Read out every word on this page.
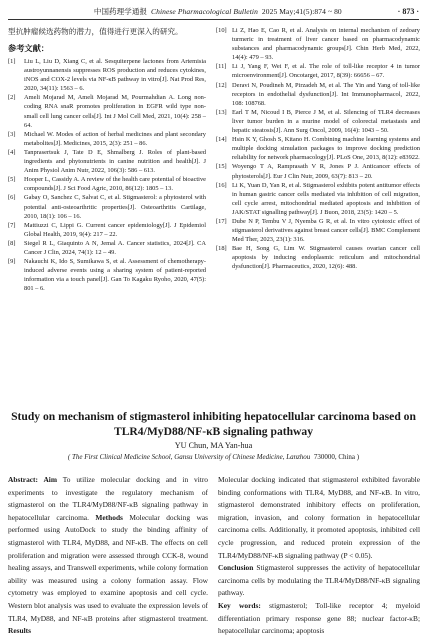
中国药理学通报 Chinese Pharmacological Bulletin 2025 May;41(5):874 ~ 80	· 873 ·
型抗肿瘤候选药物的潜力，值得进行更深入的研究。
参考文献：
[1]	Liu L, Liu D, Xiang C, et al. Sesquiterpene lactones from Artemisia austroyunnanensis suppresses ROS production and reduces cytokines, iNOS and COX-2 levels via NF-κB pathway in vitro[J]. Nat Prod Res, 2020, 34(11): 1563 – 6.
[2]	Ameli Mojarad M, Ameli Mojarad M, Pourmahdian A. Long non-coding RNA snaR promotes proliferation in EGFR wild type non-small cell lung cancer cells[J]. Int J Mol Cell Med, 2021, 10(4): 258 – 64.
[3]	Michael W. Modes of action of herbal medicines and plant secondary metabolites[J]. Medicines, 2015, 2(3): 251 – 86.
[4]	Tanprasertsuk J, Tate D E, Shmalberg J. Roles of plant-based ingredients and phytonutrients in canine nutrition and health[J]. J Anim Physiol Anim Nutr, 2022, 106(3): 586 – 613.
[5]	Hooper L, Cassidy A. A review of the health care potential of bioactive compounds[J]. J Sci Food Agric, 2010, 86(12): 1805 – 13.
[6]	Gabay O, Sanchez C, Salvat C, et al. Stigmasterol: a phytosterol with potential anti-osteoarthritic properties[J]. Osteoarthritis Cartilage, 2010, 18(1): 106 – 16.
[7]	Mattiuzzi C, Lippi G. Current cancer epidemiology[J]. J Epidemiol Global Health, 2019, 9(4): 217 – 22.
[8]	Siegel R L, Giaquinto A N, Jemal A. Cancer statistics, 2024[J]. CA Cancer J Clin, 2024, 74(1): 12 – 49.
[9]	Nakauchi K, Ido S, Sumikawa S, et al. Assessment of chemotherapy-induced adverse events using a sharing system of patient-reported information via a touch panel[J]. Gan To Kagaku Ryoho, 2020, 47(5): 801 – 6.
[10] Li Z, Hao E, Cao R, et al. Analysis on internal mechanism of zedoary turmeric in treatment of liver cancer based on pharmacodynamic substances and pharmacodynamic groups[J]. Chin Herb Med, 2022, 14(4): 479 – 93.
[11] Li J, Yang F, Wei F, et al. The role of toll-like receptor 4 in tumor microenvironment[J]. Oncotarget, 2017, 8(39): 66656 – 67.
[12] Deravi N, Poudineh M, Pirzadeh M, et al. The Yin and Yang of toll-like receptors in endothelial dysfunction[J]. Int Immunopharmacol, 2022, 108: 108768.
[13] Earl T M, Nicoud I B, Pierce J M, et al. Silencing of TLR4 decreases liver tumor burden in a murine model of colorectal metastasis and hepatic steatosis[J]. Ann Surg Oncol, 2009, 16(4): 1043 – 50.
[14] Hsin K Y, Ghosh S, Kitano H. Combining machine learning systems and multiple docking simulation packages to improve docking prediction reliability for network pharmacology[J]. PLoS One, 2013, 8(12): e83922.
[15] Woyengo T A, Ramprasath V R, Jones P J. Anticancer effects of phytosterols[J]. Eur J Clin Nutr, 2009, 63(7): 813 – 20.
[16] Li K, Yuan D, Yan R, et al. Stigmasterol exhibits potent antitumor effects in human gastric cancer cells mediated via inhibition of cell migration, cell cycle arrest, mitochondrial mediated apoptosis and inhibition of JAK/STAT signalling pathway[J]. J Buon, 2018, 23(5): 1420 – 5.
[17] Dube N P, Tembu V J, Nyemba G R, et al. In vitro cytotoxic effect of stigmasterol derivatives against breast cancer cells[J]. BMC Complement Med Ther, 2023, 23(1): 316.
[18] Bae H, Song G, Lim W. Stigmasterol causes ovarian cancer cell apoptosis by inducing endoplasmic reticulum and mitochondrial dysfunction[J]. Pharmaceutics, 2020, 12(6): 488.
Study on mechanism of stigmasterol inhibiting hepatocellular carcinoma based on TLR4/MyD88/NF-κB signaling pathway
YU Chun, MA Yan-hua
( The First Clinical Medicine School, Gansu University of Chinese Medicine, Lanzhou 730000, China )
Abstract: Aim To utilize molecular docking and in vitro experiments to investigate the regulatory mechanism of stigmasterol on the TLR4/MyD88/NF-κB signaling pathway in hepatocellular carcinoma. Methods Molecular docking was performed using AutoDock to study the binding affinity of stigmasterol with TLR4, MyD88, and NF-κB. The effects on cell proliferation and migration were assessed through CCK-8, wound healing assays, and Transwell experiments, while colony formation ability was measured using a colony formation assay. Flow cytometry was employed to examine apoptosis and cell cycle. Western blot analysis was used to evaluate the expression levels of TLR4, MyD88, and NF-κB proteins after stigmasterol treatment. Results
Molecular docking indicated that stigmasterol exhibited favorable binding conformations with TLR4, MyD88, and NF-κB. In vitro, stigmasterol demonstrated inhibitory effects on proliferation, migration, invasion, and colony formation in hepatocellular carcinoma cells. Additionally, it promoted apoptosis, inhibited cell cycle progression, and reduced protein expression of the TLR4/MyD88/NF-κB signaling pathway (P < 0.05).
Conclusion Stigmasterol suppresses the activity of hepatocellular carcinoma cells by modulating the TLR4/MyD88/NF-κB signaling pathway.
Key words: stigmasterol; Toll-like receptor 4; myeloid differentiation primary response gene 88; nuclear factor-κB; hepatocellular carcinoma; apoptosis
